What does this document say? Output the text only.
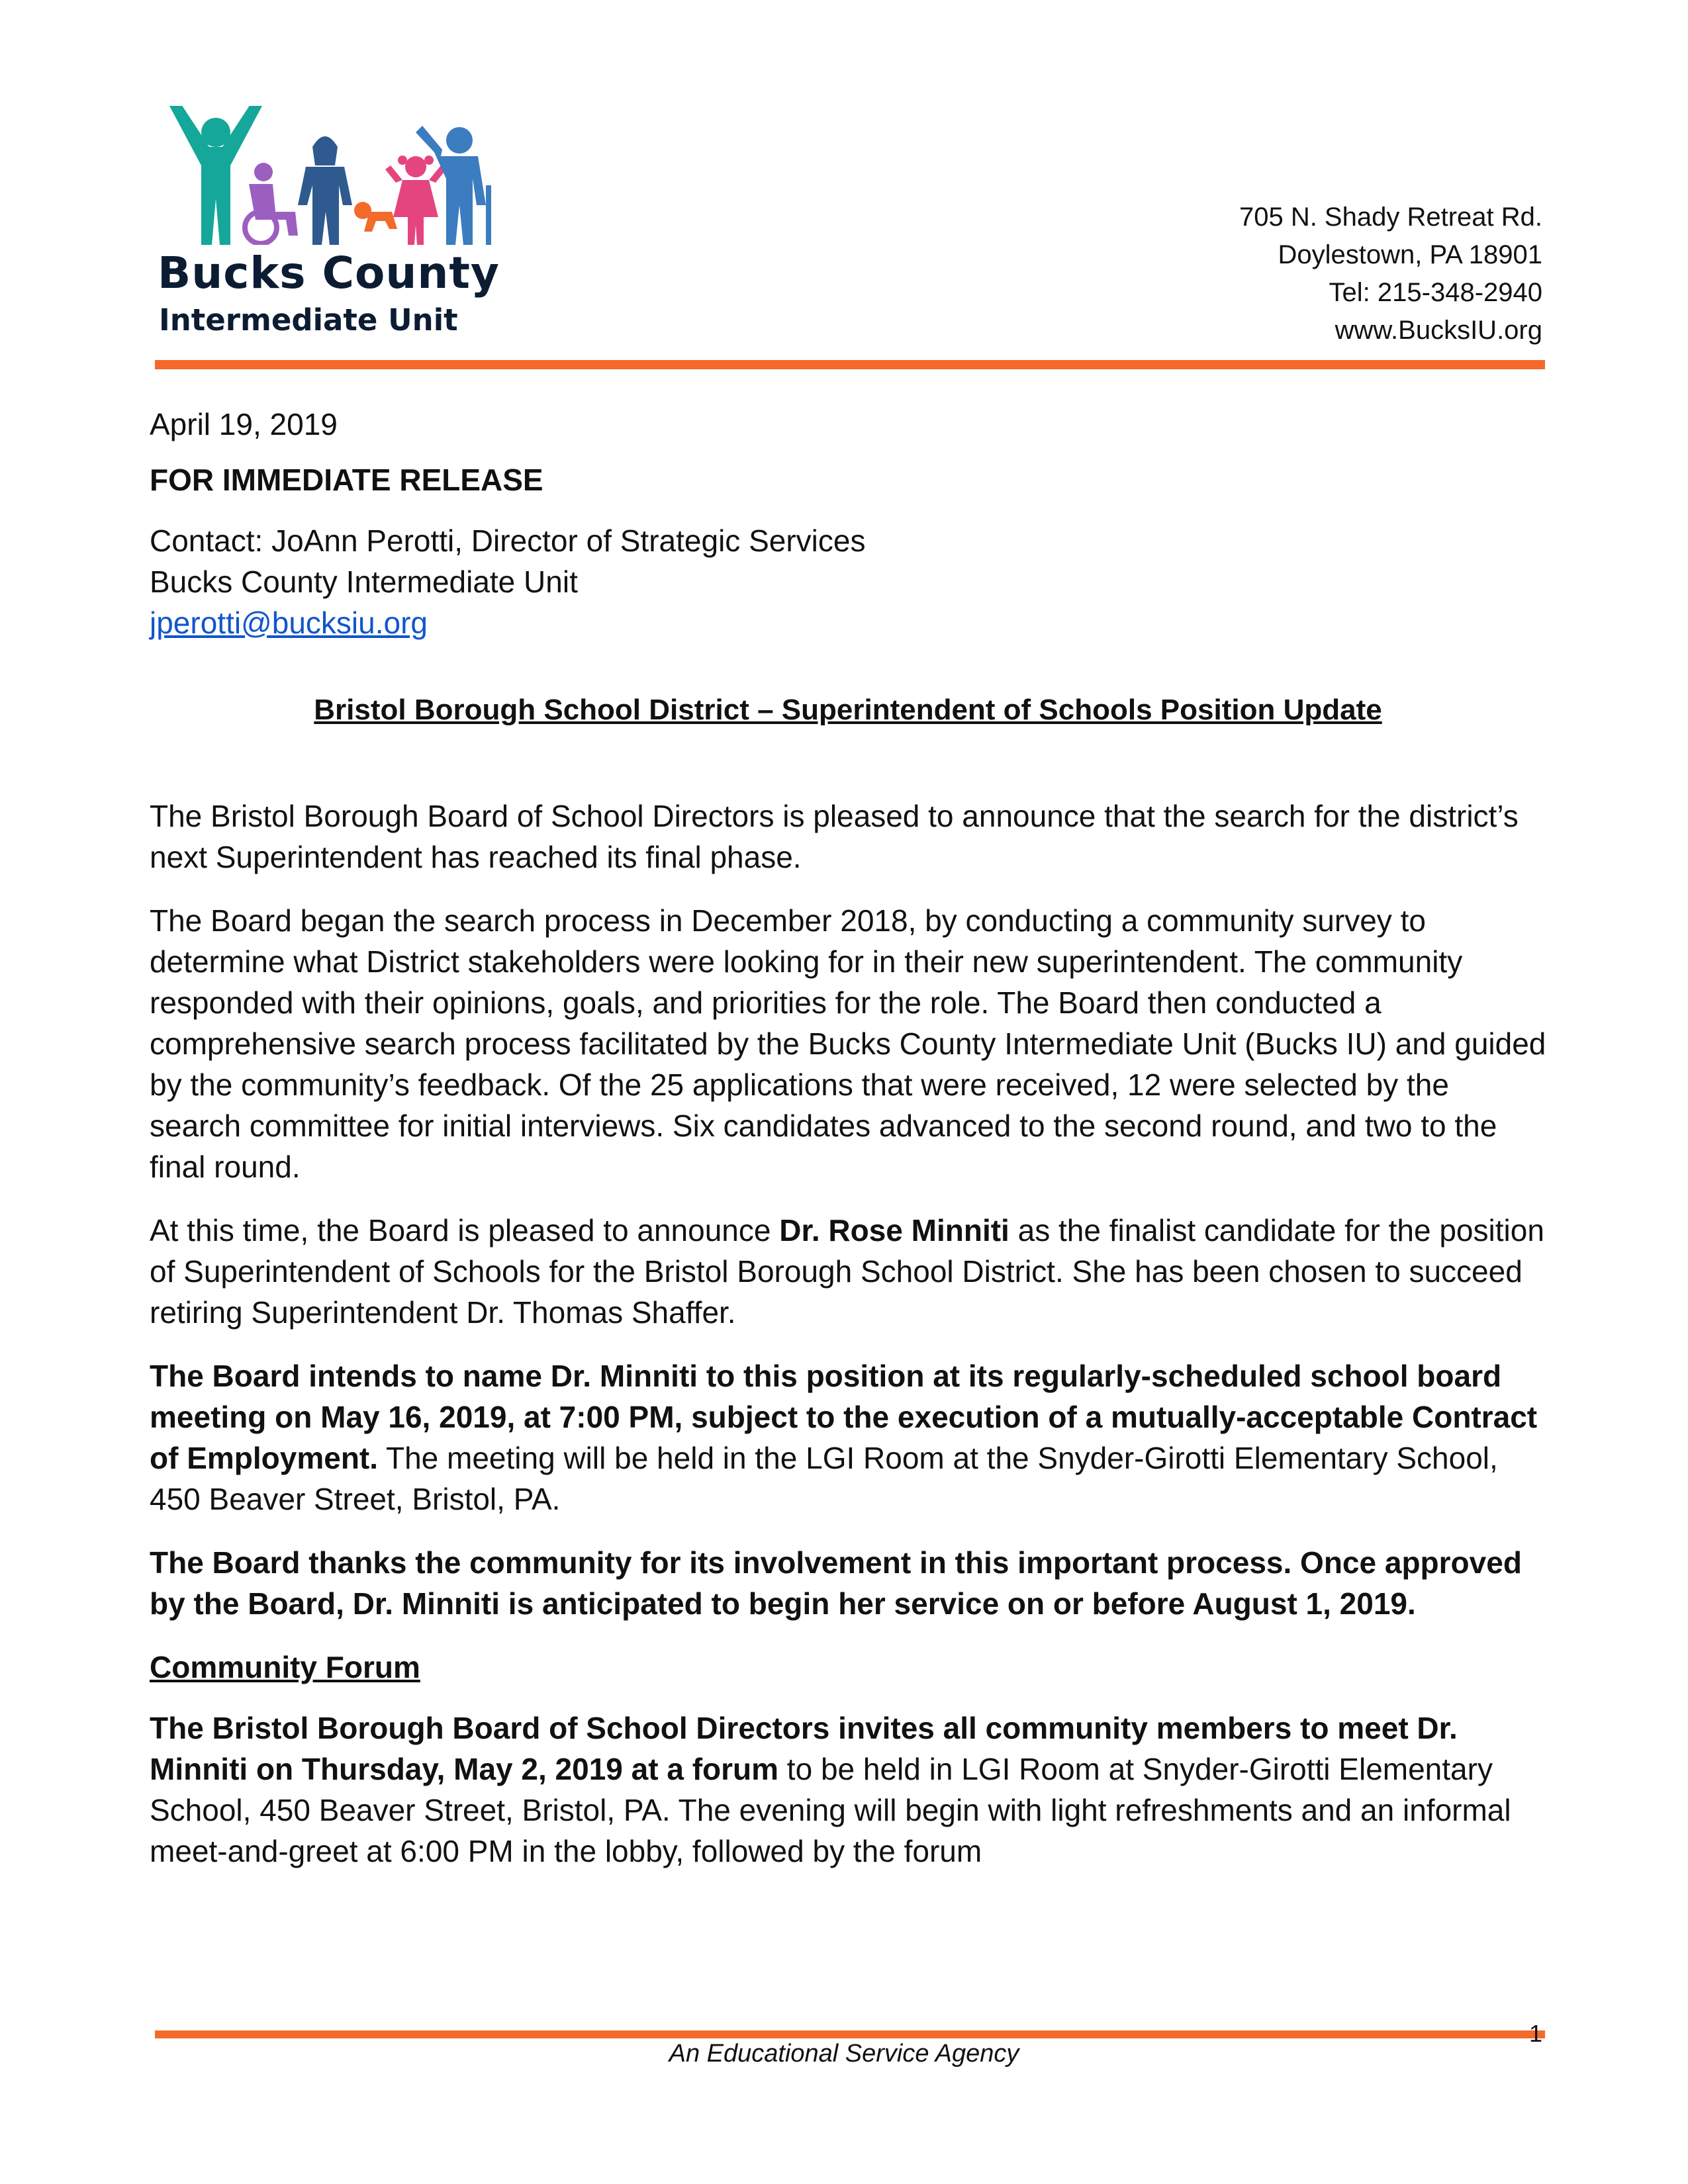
Bucks County
Intermediate Unit
705 N. Shady Retreat Rd.
Doylestown, PA 18901
Tel: 215-348-2940
www.BucksIU.org

April 19, 2019

FOR IMMEDIATE RELEASE

Contact: JoAnn Perotti, Director of Strategic Services

Bucks County Intermediate Unit

jperotti@bucksiu.org

Bristol Borough School District – Superintendent of Schools Position Update

The Bristol Borough Board of School Directors is pleased to announce that the search for the district’s next Superintendent has reached its final phase.

The Board began the search process in December 2018, by conducting a community survey to determine what District stakeholders were looking for in their new superintendent. The community responded with their opinions, goals, and priorities for the role. The Board then conducted a comprehensive search process facilitated by the Bucks County Intermediate Unit (Bucks IU) and guided by the community’s feedback. Of the 25 applications that were received, 12 were selected by the search committee for initial interviews. Six candidates advanced to the second round, and two to the final round.

At this time, the Board is pleased to announce Dr. Rose Minniti as the finalist candidate for the position of Superintendent of Schools for the Bristol Borough School District. She has been chosen to succeed retiring Superintendent Dr. Thomas Shaffer.

The Board intends to name Dr. Minniti to this position at its regularly-scheduled school board meeting on May 16, 2019, at 7:00 PM, subject to the execution of a mutually-acceptable Contract of Employment. The meeting will be held in the LGI Room at the Snyder-Girotti Elementary School, 450 Beaver Street, Bristol, PA.

The Board thanks the community for its involvement in this important process. Once approved by the Board, Dr. Minniti is anticipated to begin her service on or before August 1, 2019.

Community Forum

The Bristol Borough Board of School Directors invites all community members to meet Dr. Minniti on Thursday, May 2, 2019 at a forum to be held in LGI Room at Snyder-Girotti Elementary School, 450 Beaver Street, Bristol, PA. The evening will begin with light refreshments and an informal meet-and-greet at 6:00 PM in the lobby, followed by the forum

An Educational Service Agency
1
